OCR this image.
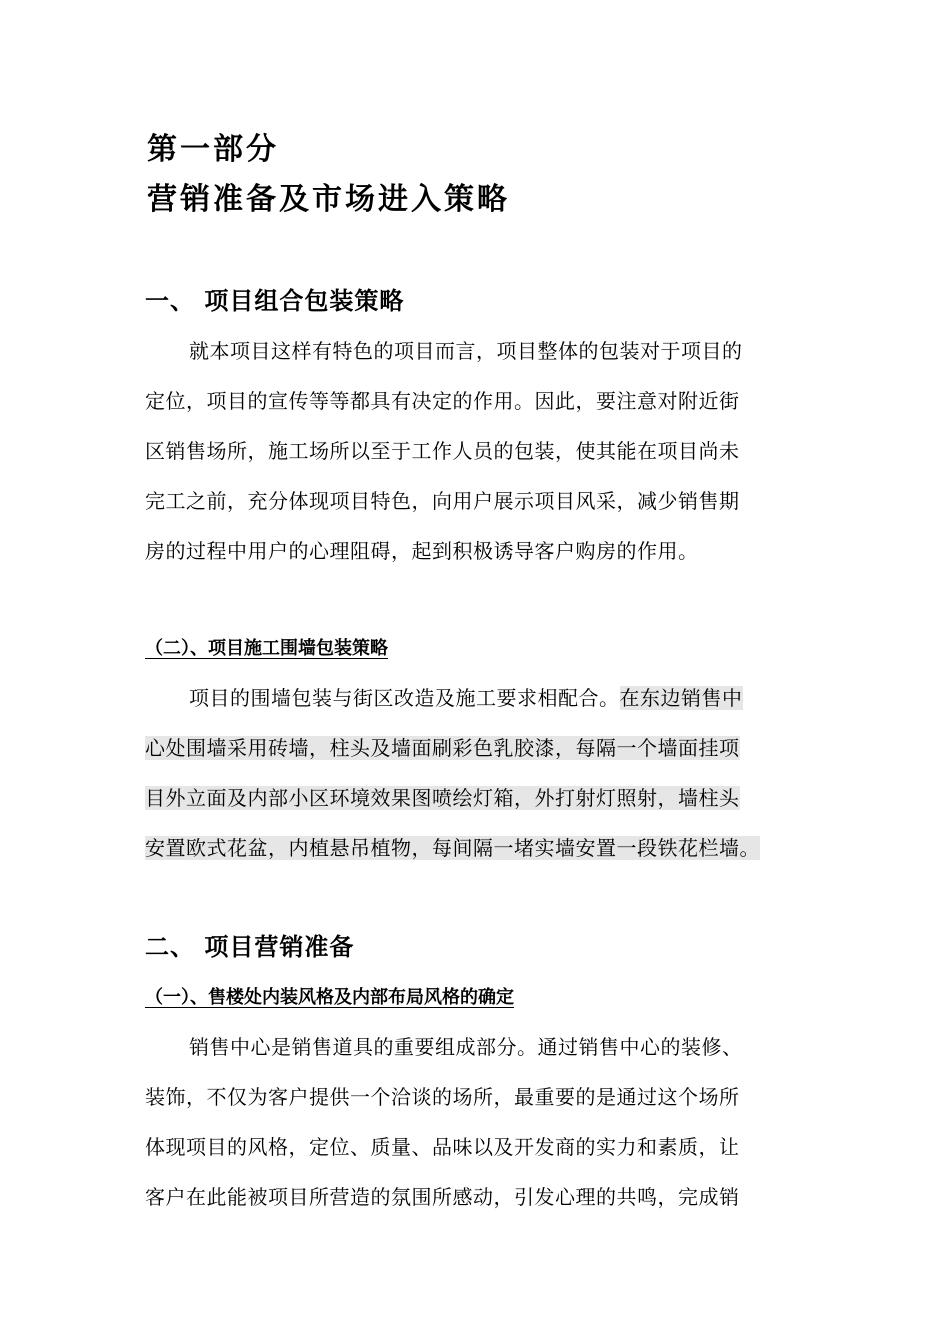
第一部分
营销准备及市场进入策略
一、 项目组合包装策略
就本项目这样有特色的项目而言，项目整体的包装对于项目的
定位，项目的宣传等等都具有决定的作用。因此，要注意对附近街
区销售场所，施工场所以至于工作人员的包装，使其能在项目尚未
完工之前，充分体现项目特色，向用户展示项目风采，减少销售期
房的过程中用户的心理阻碍，起到积极诱导客户购房的作用。
（二）、项目施工围墙包装策略
项目的围墙包装与街区改造及施工要求相配合。在东边销售中
心处围墙采用砖墙，柱头及墙面刷彩色乳胶漆，每隔一个墙面挂项
目外立面及内部小区环境效果图喷绘灯箱，外打射灯照射，墙柱头
安置欧式花盆，内植悬吊植物，每间隔一堵实墙安置一段铁花栏墙。
二、 项目营销准备
（一）、售楼处内装风格及内部布局风格的确定
销售中心是销售道具的重要组成部分。通过销售中心的装修、
装饰，不仅为客户提供一个洽谈的场所，最重要的是通过这个场所
体现项目的风格，定位、质量、品味以及开发商的实力和素质，让
客户在此能被项目所营造的氛围所感动，引发心理的共鸣，完成销
